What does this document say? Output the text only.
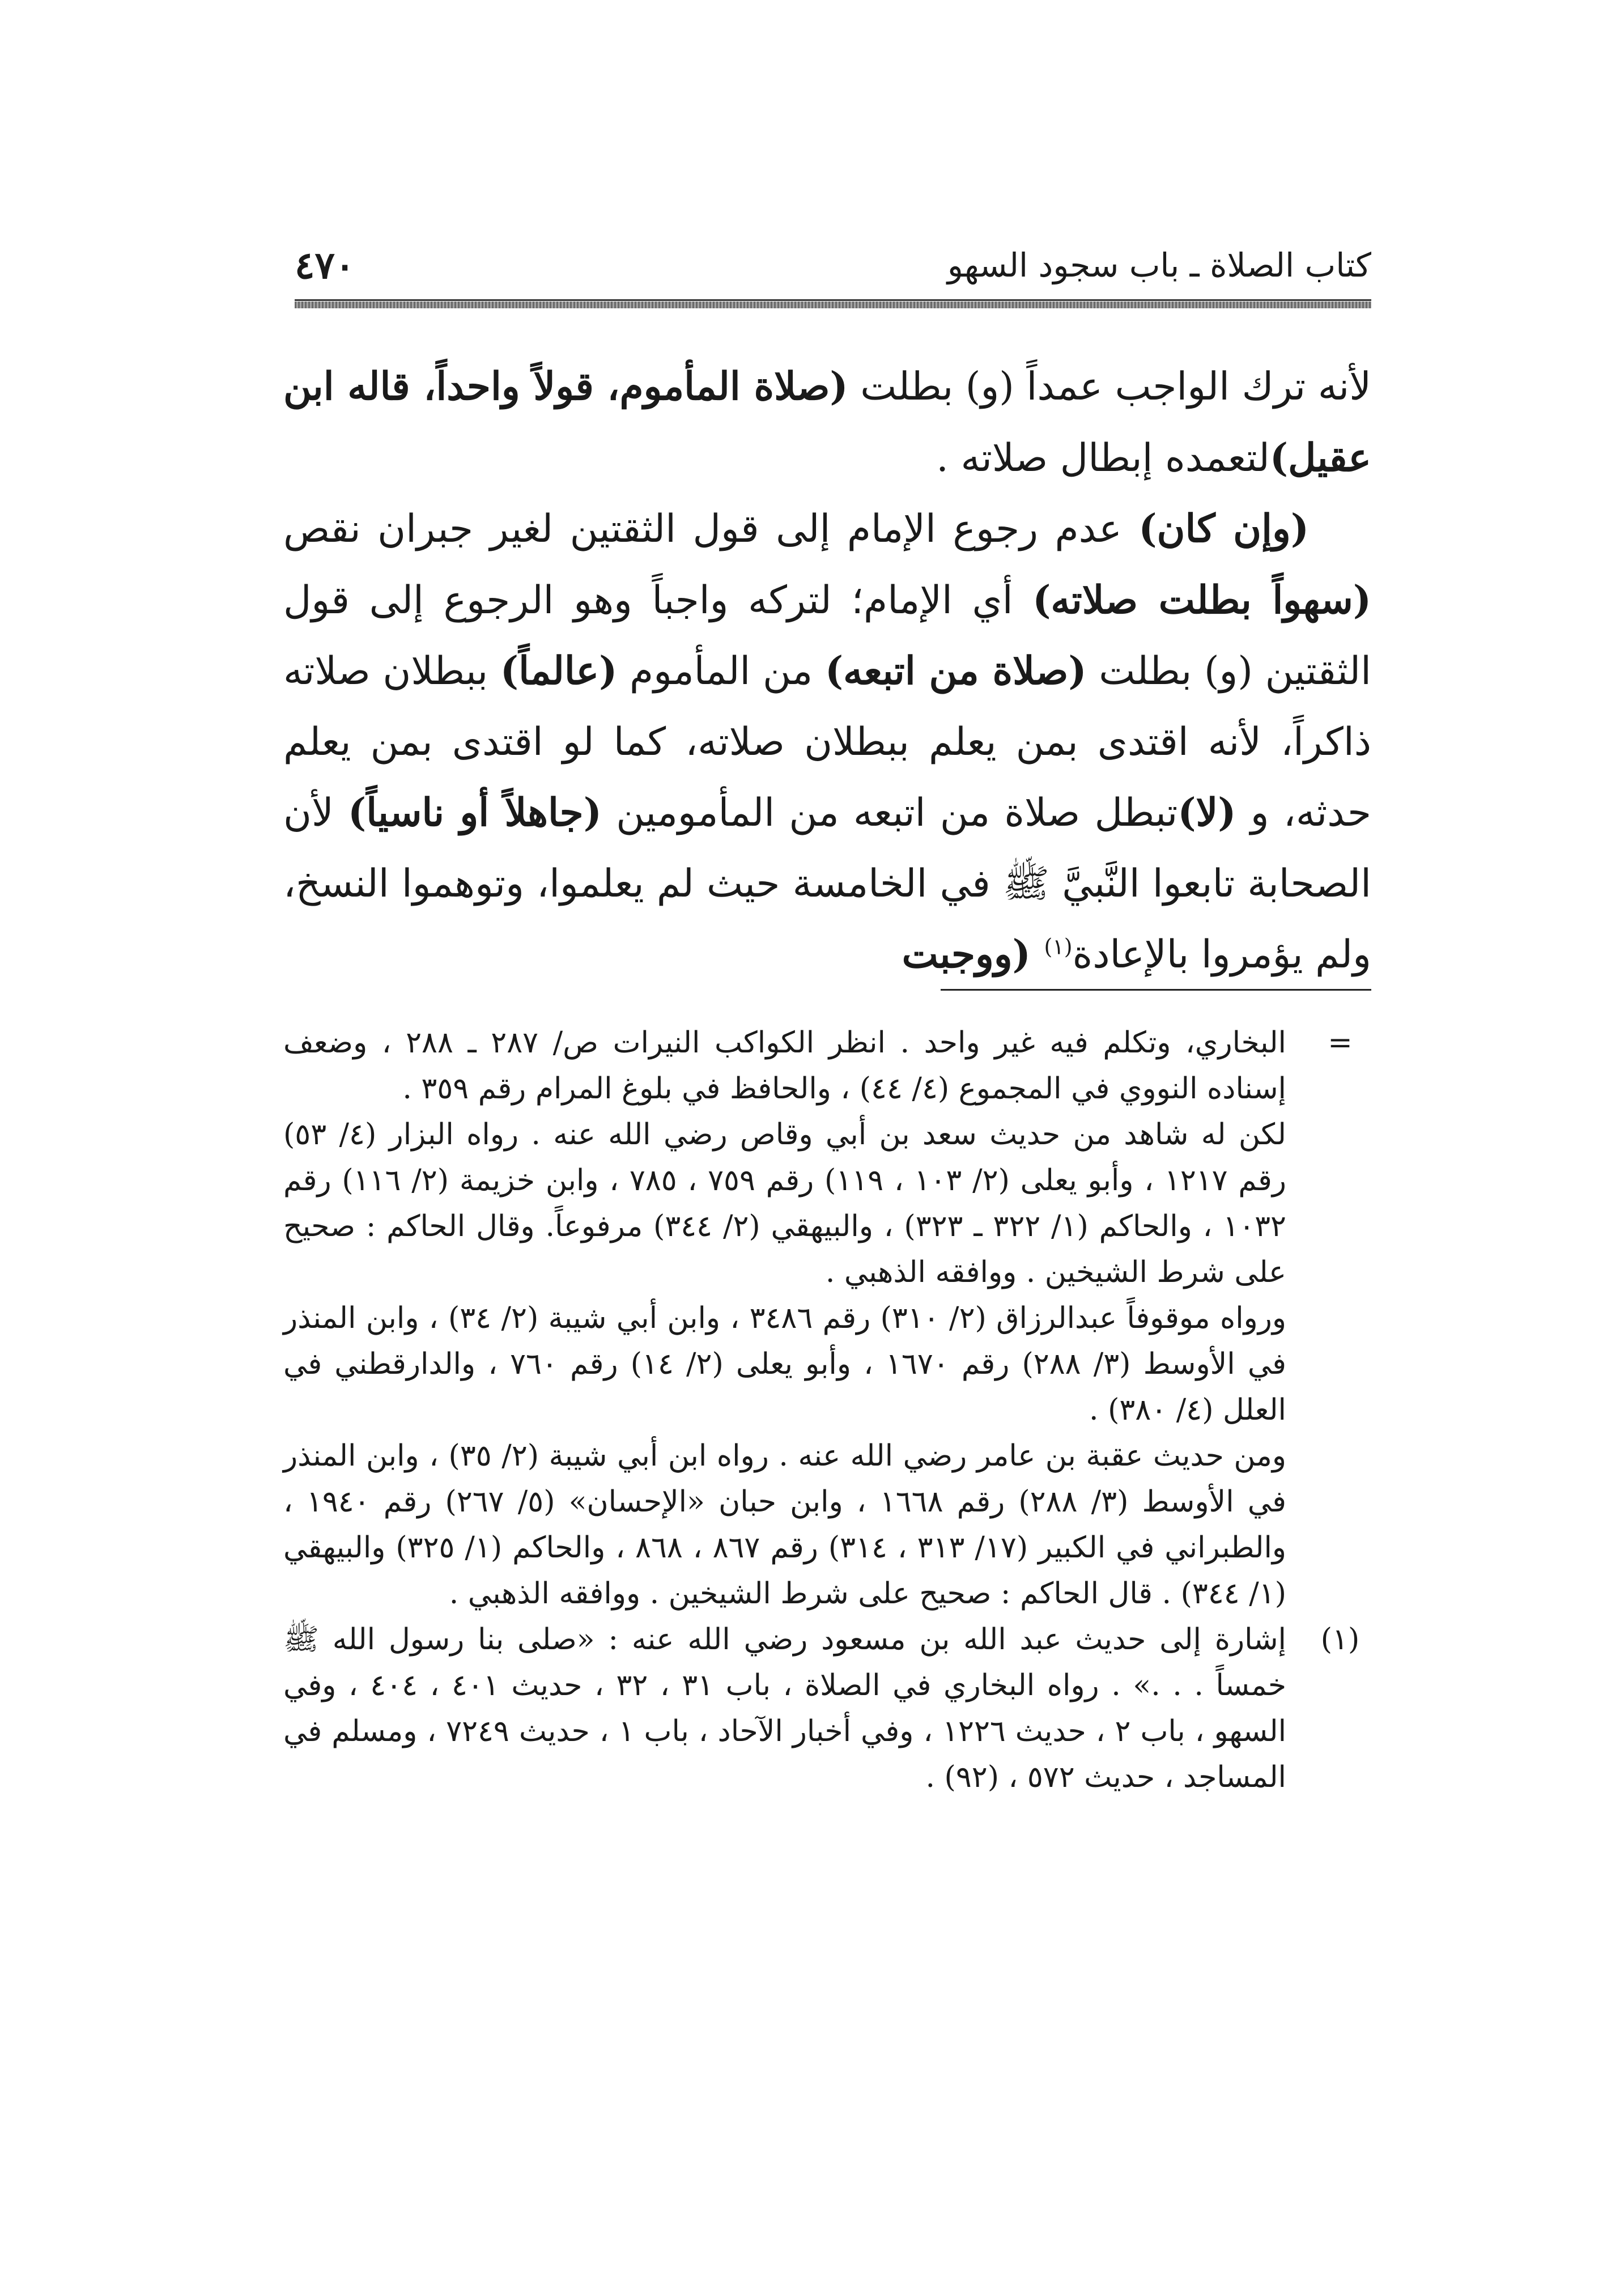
كتاب الصلاة ـ باب سجود السهو
٤٧٠

لأنه ترك الواجب عمداً (و) بطلت (صلاة المأموم، قولاً واحداً، قاله ابن عقيل)لتعمده إبطال صلاته .

(وإن كان) عدم رجوع الإمام إلى قول الثقتين لغير جبران نقص (سهواً بطلت صلاته) أي الإمام؛ لتركه واجباً وهو الرجوع إلى قول الثقتين (و) بطلت (صلاة من اتبعه) من المأموم (عالماً) ببطلان صلاته ذاكراً، لأنه اقتدى بمن يعلم ببطلان صلاته، كما لو اقتدى بمن يعلم حدثه، و (لا)تبطل صلاة من اتبعه من المأمومين (جاهلاً أو ناسياً) لأن الصحابة تابعوا النَّبيَّ ﷺ في الخامسة حيث لم يعلموا، وتوهموا النسخ، ولم يؤمروا بالإعادة$^{(١)}$ (ووجبت

=

البخاري، وتكلم فيه غير واحد . انظر الكواكب النيرات ص/ ٢٨٧ ـ ٢٨٨ ، وضعف إسناده النووي في المجموع (٤/ ٤٤) ، والحافظ في بلوغ المرام رقم ٣٥٩ .

لكن له شاهد من حديث سعد بن أبي وقاص رضي الله عنه . رواه البزار (٤/ ٥٣) رقم ١٢١٧ ، وأبو يعلى (٢/ ١٠٣ ، ١١٩) رقم ٧٥٩ ، ٧٨٥ ، وابن خزيمة (٢/ ١١٦) رقم ١٠٣٢ ، والحاكم (١/ ٣٢٢ ـ ٣٢٣) ، والبيهقي (٢/ ٣٤٤) مرفوعاً. وقال الحاكم : صحيح على شرط الشيخين . ووافقه الذهبي .

ورواه موقوفاً عبدالرزاق (٢/ ٣١٠) رقم ٣٤٨٦ ، وابن أبي شيبة (٢/ ٣٤) ، وابن المنذر في الأوسط (٣/ ٢٨٨) رقم ١٦٧٠ ، وأبو يعلى (٢/ ١٤) رقم ٧٦٠ ، والدارقطني في العلل (٤/ ٣٨٠) .

ومن حديث عقبة بن عامر رضي الله عنه . رواه ابن أبي شيبة (٢/ ٣٥) ، وابن المنذر في الأوسط (٣/ ٢٨٨) رقم ١٦٦٨ ، وابن حبان «الإحسان» (٥/ ٢٦٧) رقم ١٩٤٠ ، والطبراني في الكبير (١٧/ ٣١٣ ، ٣١٤) رقم ٨٦٧ ، ٨٦٨ ، والحاكم (١/ ٣٢٥) والبيهقي (١/ ٣٤٤) . قال الحاكم : صحيح على شرط الشيخين . ووافقه الذهبي .

(١)

إشارة إلى حديث عبد الله بن مسعود رضي الله عنه : «صلى بنا رسول الله ﷺ خمساً . . .» . رواه البخاري في الصلاة ، باب ٣١ ، ٣٢ ، حديث ٤٠١ ، ٤٠٤ ، وفي السهو ، باب ٢ ، حديث ١٢٢٦ ، وفي أخبار الآحاد ، باب ١ ، حديث ٧٢٤٩ ، ومسلم في المساجد ، حديث ٥٧٢ ، (٩٢) .
